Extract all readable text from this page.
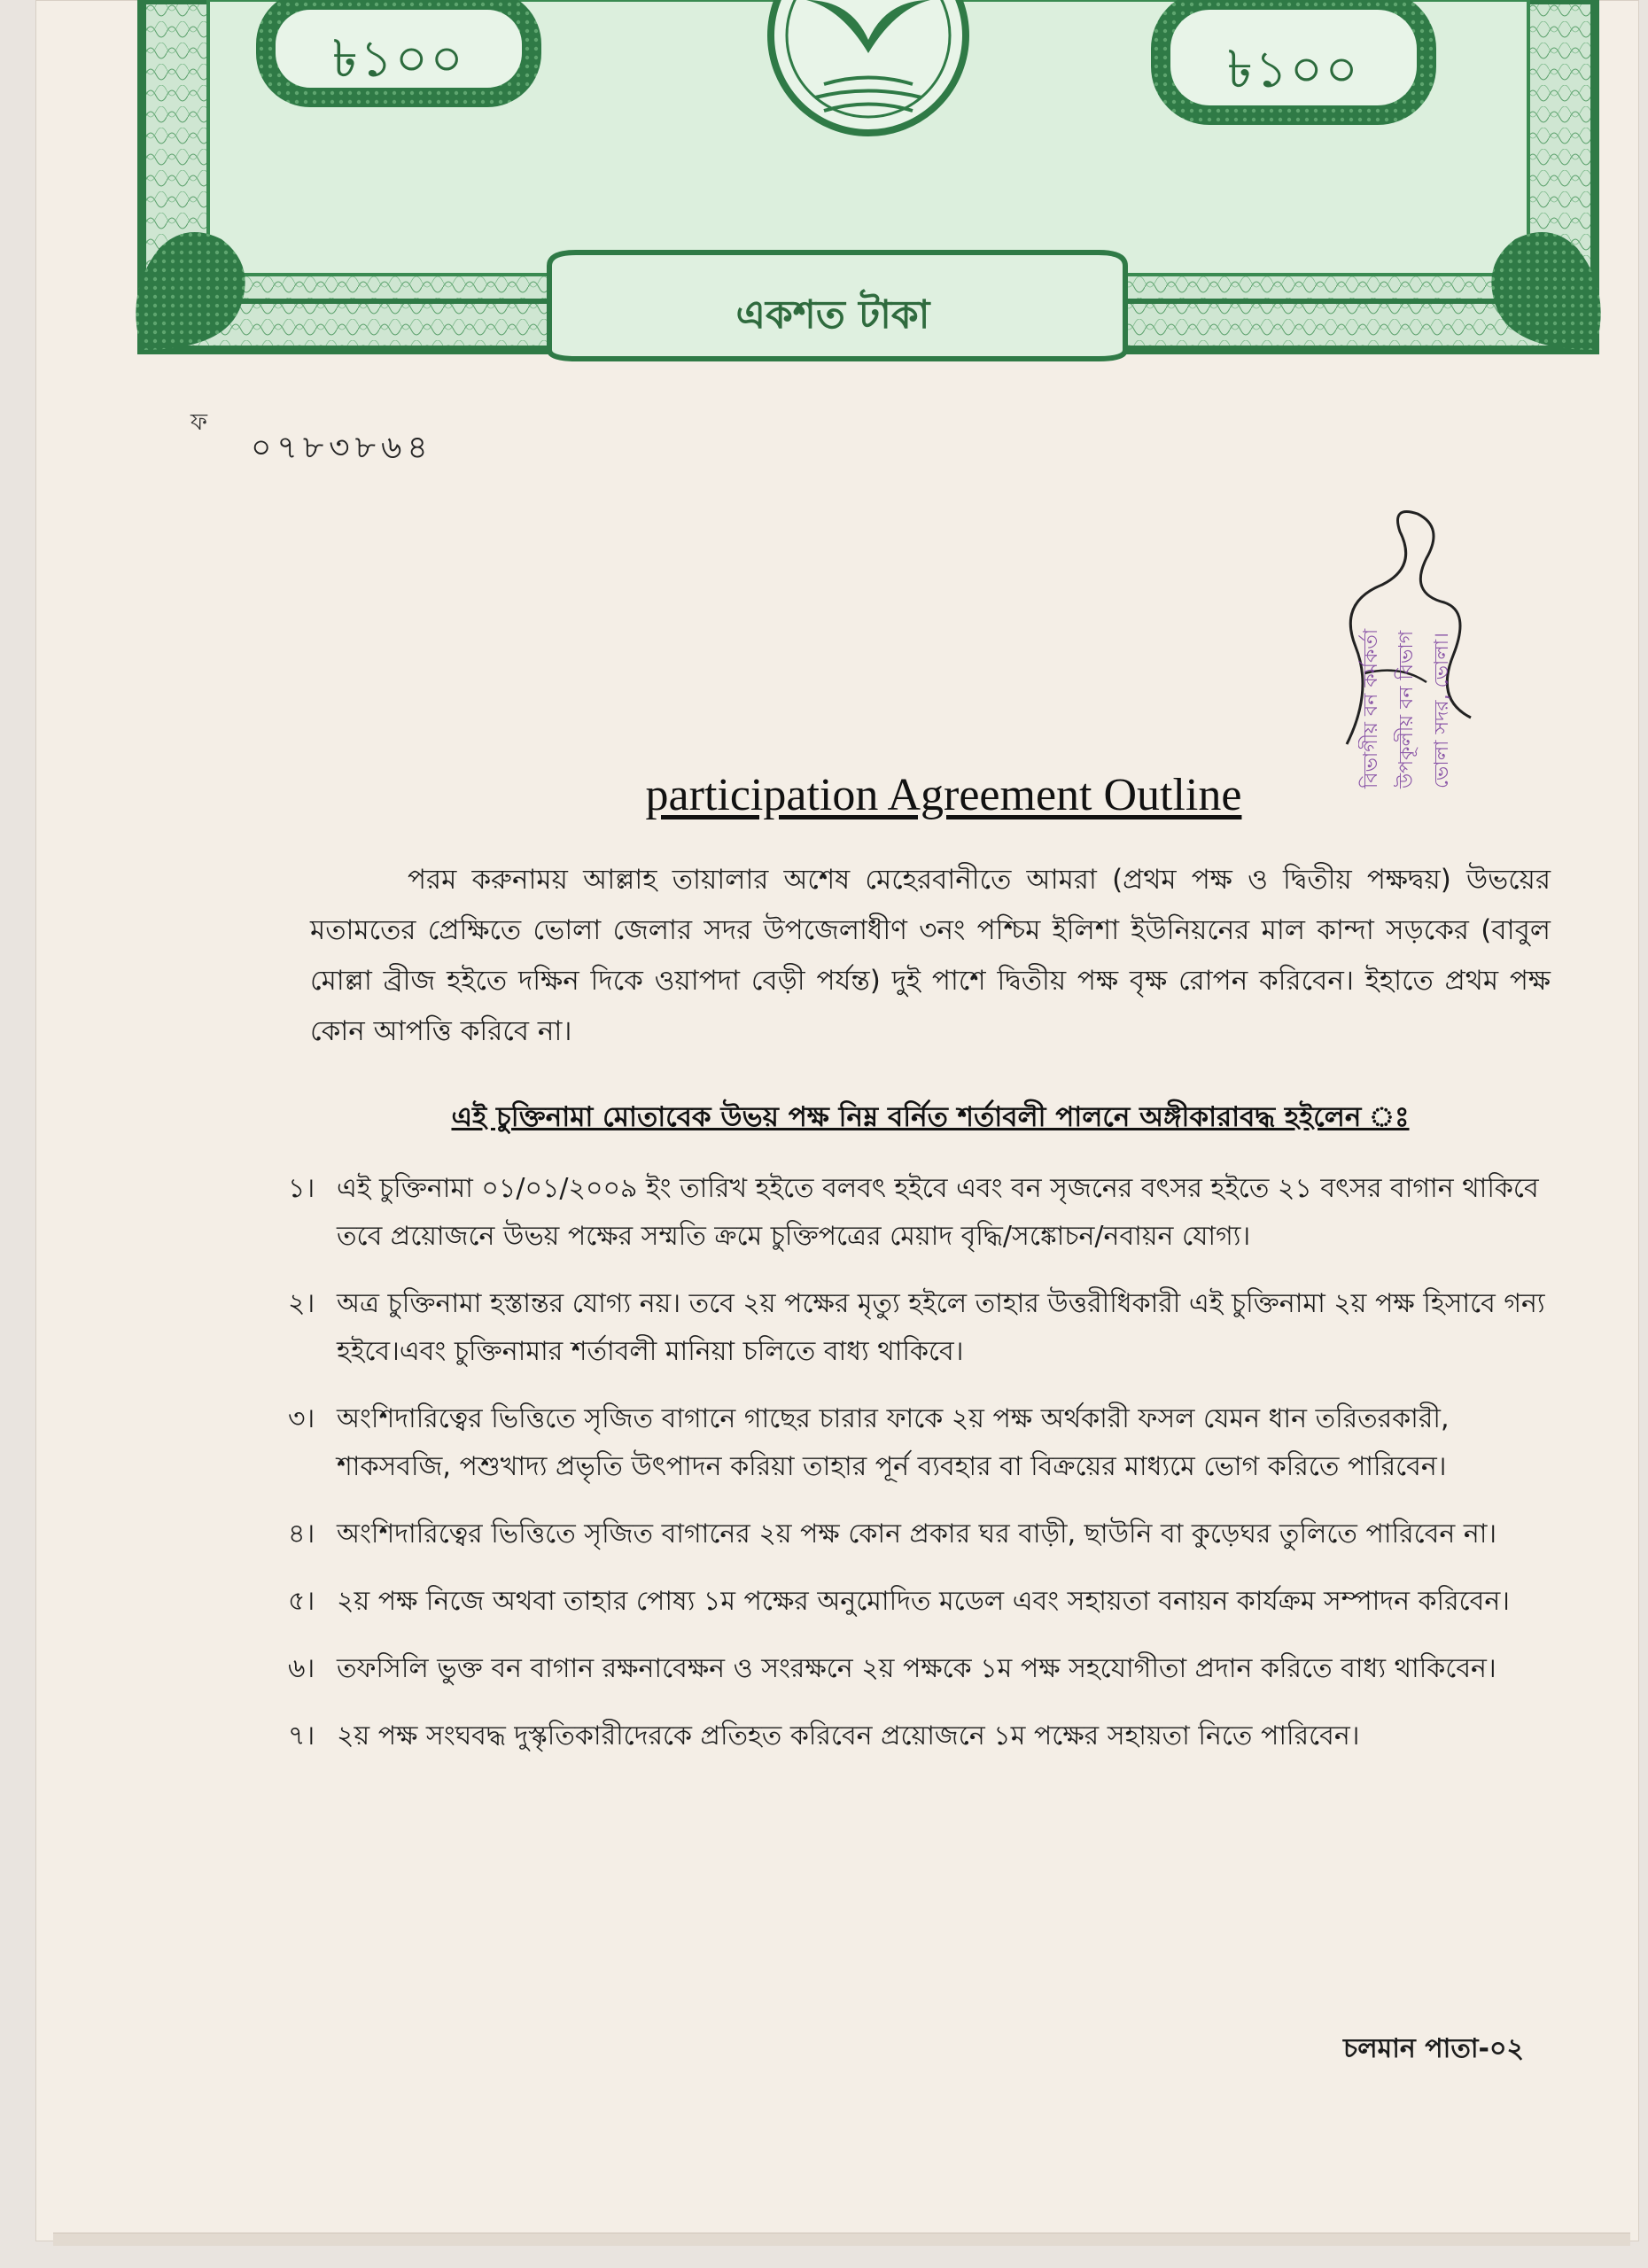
৳১০০	৳১০০
একশত টাকা
ফ
০৭৮৩৮৬৪
বিভাগীয় বন কর্মকর্তা উপকূলীয় বন বিভাগ ভোলা সদর, ভোলা।
participation Agreement Outline
পরম করুনাময় আল্লাহ তায়ালার অশেষ মেহেরবানীতে আমরা (প্রথম পক্ষ ও দ্বিতীয় পক্ষদ্বয়) উভয়ের মতামতের প্রেক্ষিতে ভোলা জেলার সদর উপজেলাধীণ ৩নং পশ্চিম ইলিশা ইউনিয়নের মাল কান্দা সড়কের (বাবুল মোল্লা ব্রীজ হইতে দক্ষিন দিকে ওয়াপদা বেড়ী পর্যন্ত) দুই পাশে দ্বিতীয় পক্ষ বৃক্ষ রোপন করিবেন। ইহাতে প্রথম পক্ষ কোন আপত্তি করিবে না।
এই চুক্তিনামা মোতাবেক উভয় পক্ষ নিম্ন বর্নিত শর্তাবলী পালনে অঙ্গীকারাবদ্ধ হইলেন ঃ
১। এই চুক্তিনামা ০১/০১/২০০৯ ইং তারিখ হইতে বলবৎ হইবে এবং বন সৃজনের বৎসর হইতে ২১ বৎসর বাগান থাকিবে তবে প্রয়োজনে উভয় পক্ষের সম্মতি ক্রমে চুক্তিপত্রের মেয়াদ বৃদ্ধি/সঙ্কোচন/নবায়ন যোগ্য।
২। অত্র চুক্তিনামা হস্তান্তর যোগ্য নয়। তবে ২য় পক্ষের মৃত্যু হইলে তাহার উত্তরীধিকারী এই চুক্তিনামা ২য় পক্ষ হিসাবে গন্য হইবে।এবং চুক্তিনামার শর্তাবলী মানিয়া চলিতে বাধ্য থাকিবে।
৩। অংশিদারিত্বের ভিত্তিতে সৃজিত বাগানে গাছের চারার ফাকে ২য় পক্ষ অর্থকারী ফসল যেমন ধান তরিতরকারী, শাকসবজি, পশুখাদ্য প্রভৃতি উৎপাদন করিয়া তাহার পূর্ন ব্যবহার বা বিক্রয়ের মাধ্যমে ভোগ করিতে পারিবেন।
৪। অংশিদারিত্বের ভিত্তিতে সৃজিত বাগানের ২য় পক্ষ কোন প্রকার ঘর বাড়ী, ছাউনি বা কুড়েঘর তুলিতে পারিবেন না।
৫। ২য় পক্ষ নিজে অথবা তাহার পোষ্য ১ম পক্ষের অনুমোদিত মডেল এবং সহায়তা বনায়ন কার্যক্রম সম্পাদন করিবেন।
৬। তফসিলি ভুক্ত বন বাগান রক্ষনাবেক্ষন ও সংরক্ষনে ২য় পক্ষকে ১ম পক্ষ সহযোগীতা প্রদান করিতে বাধ্য থাকিবেন।
৭। ২য় পক্ষ সংঘবদ্ধ দুস্কৃতিকারীদেরকে প্রতিহত করিবেন প্রয়োজনে ১ম পক্ষের সহায়তা নিতে পারিবেন।
চলমান পাতা-০২
